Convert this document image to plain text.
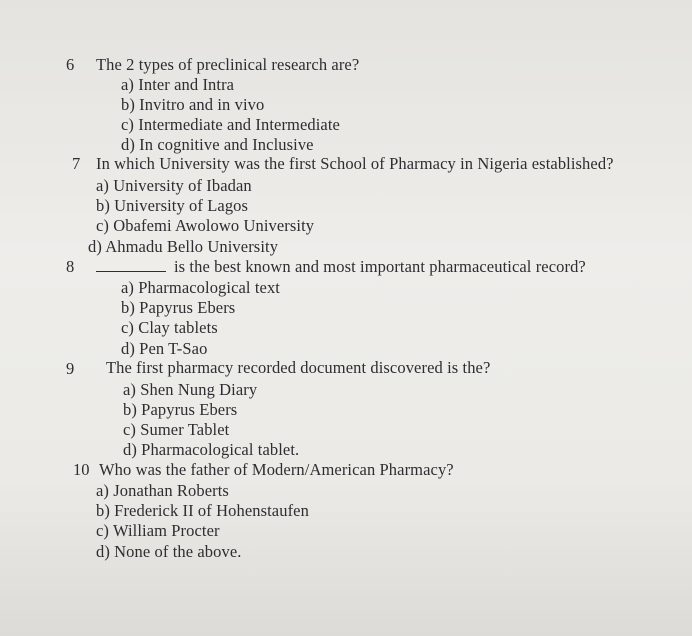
6 The 2 types of preclinical research are?
a) Inter and Intra
b) Invitro and in vivo
c) Intermediate and Intermediate
d) In cognitive and Inclusive
7 In which University was the first School of Pharmacy in Nigeria established?
a) University of Ibadan
b) University of Lagos
c) Obafemi Awolowo University
d) Ahmadu Bello University
8	is the best known and most important pharmaceutical record?
a) Pharmacological text
b) Papyrus Ebers
c) Clay tablets
d) Pen T-Sao
9 The first pharmacy recorded document discovered is the?
a) Shen Nung Diary
b) Papyrus Ebers
c) Sumer Tablet
d) Pharmacological tablet.
10 Who was the father of Modern/American Pharmacy?
a) Jonathan Roberts
b) Frederick II of Hohenstaufen
c) William Procter
d) None of the above.
